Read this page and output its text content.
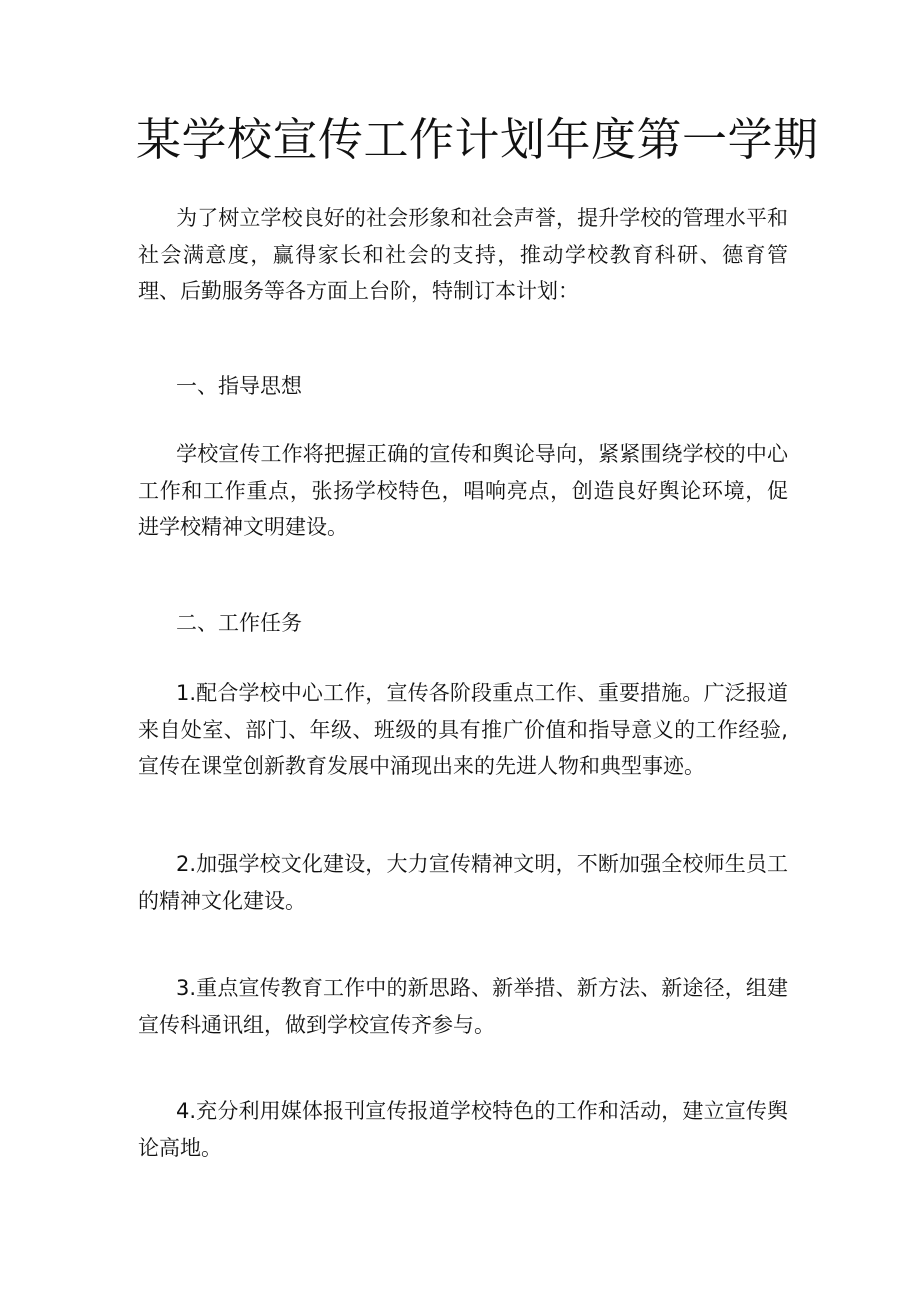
某学校宣传工作计划年度第一学期

为了树立学校良好的社会形象和社会声誉，提升学校的管理水平和社会满意度，赢得家长和社会的支持，推动学校教育科研、德育管理、后勤服务等各方面上台阶，特制订本计划：

一、指导思想

学校宣传工作将把握正确的宣传和舆论导向，紧紧围绕学校的中心工作和工作重点，张扬学校特色，唱响亮点，创造良好舆论环境，促进学校精神文明建设。

二、工作任务

1.配合学校中心工作，宣传各阶段重点工作、重要措施。广泛报道来自处室、部门、年级、班级的具有推广价值和指导意义的工作经验,宣传在课堂创新教育发展中涌现出来的先进人物和典型事迹。

2.加强学校文化建设，大力宣传精神文明，不断加强全校师生员工的精神文化建设。

3.重点宣传教育工作中的新思路、新举措、新方法、新途径，组建宣传科通讯组，做到学校宣传齐参与。

4.充分利用媒体报刊宣传报道学校特色的工作和活动，建立宣传舆论高地。
